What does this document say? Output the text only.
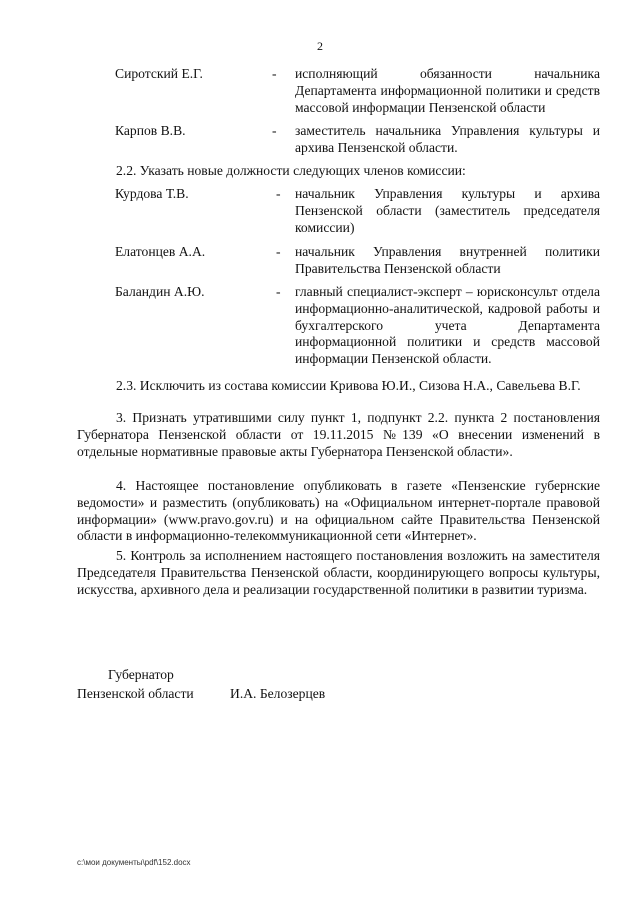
2
Сиротский Е.Г.	- исполняющий обязанности начальника Департамента информационной политики и средств массовой информации Пензенской области
Карпов В.В.	- заместитель начальника Управления культуры и архива Пензенской области.
2.2. Указать новые должности следующих членов комиссии:
Курдова Т.В.	- начальник Управления культуры и архива Пензенской области (заместитель председателя комиссии)
Елатонцев А.А.	- начальник Управления внутренней политики Правительства Пензенской области
Баландин А.Ю.	- главный специалист-эксперт – юрисконсульт отдела информационно-аналитической, кадровой работы и бухгалтерского учета Департамента информационной политики и средств массовой информации Пензенской области.
2.3. Исключить из состава комиссии Кривова Ю.И., Сизова Н.А., Савельева В.Г.
3. Признать утратившими силу пункт 1, подпункт 2.2. пункта 2 постановления Губернатора Пензенской области от 19.11.2015 №139 «О внесении изменений в отдельные нормативные правовые акты Губернатора Пензенской области».
4. Настоящее постановление опубликовать в газете «Пензенские губернские ведомости» и разместить (опубликовать) на «Официальном интернет-портале правовой информации» (www.pravo.gov.ru) и на официальном сайте Правительства Пензенской области в информационно-телекоммуникационной сети «Интернет».
5. Контроль за исполнением настоящего постановления возложить на заместителя Председателя Правительства Пензенской области, координирующего вопросы культуры, искусства, архивного дела и реализации государственной политики в развитии туризма.
Губернатор
Пензенской области	И.А. Белозерцев
c:\мои документы\pdf\152.docx
